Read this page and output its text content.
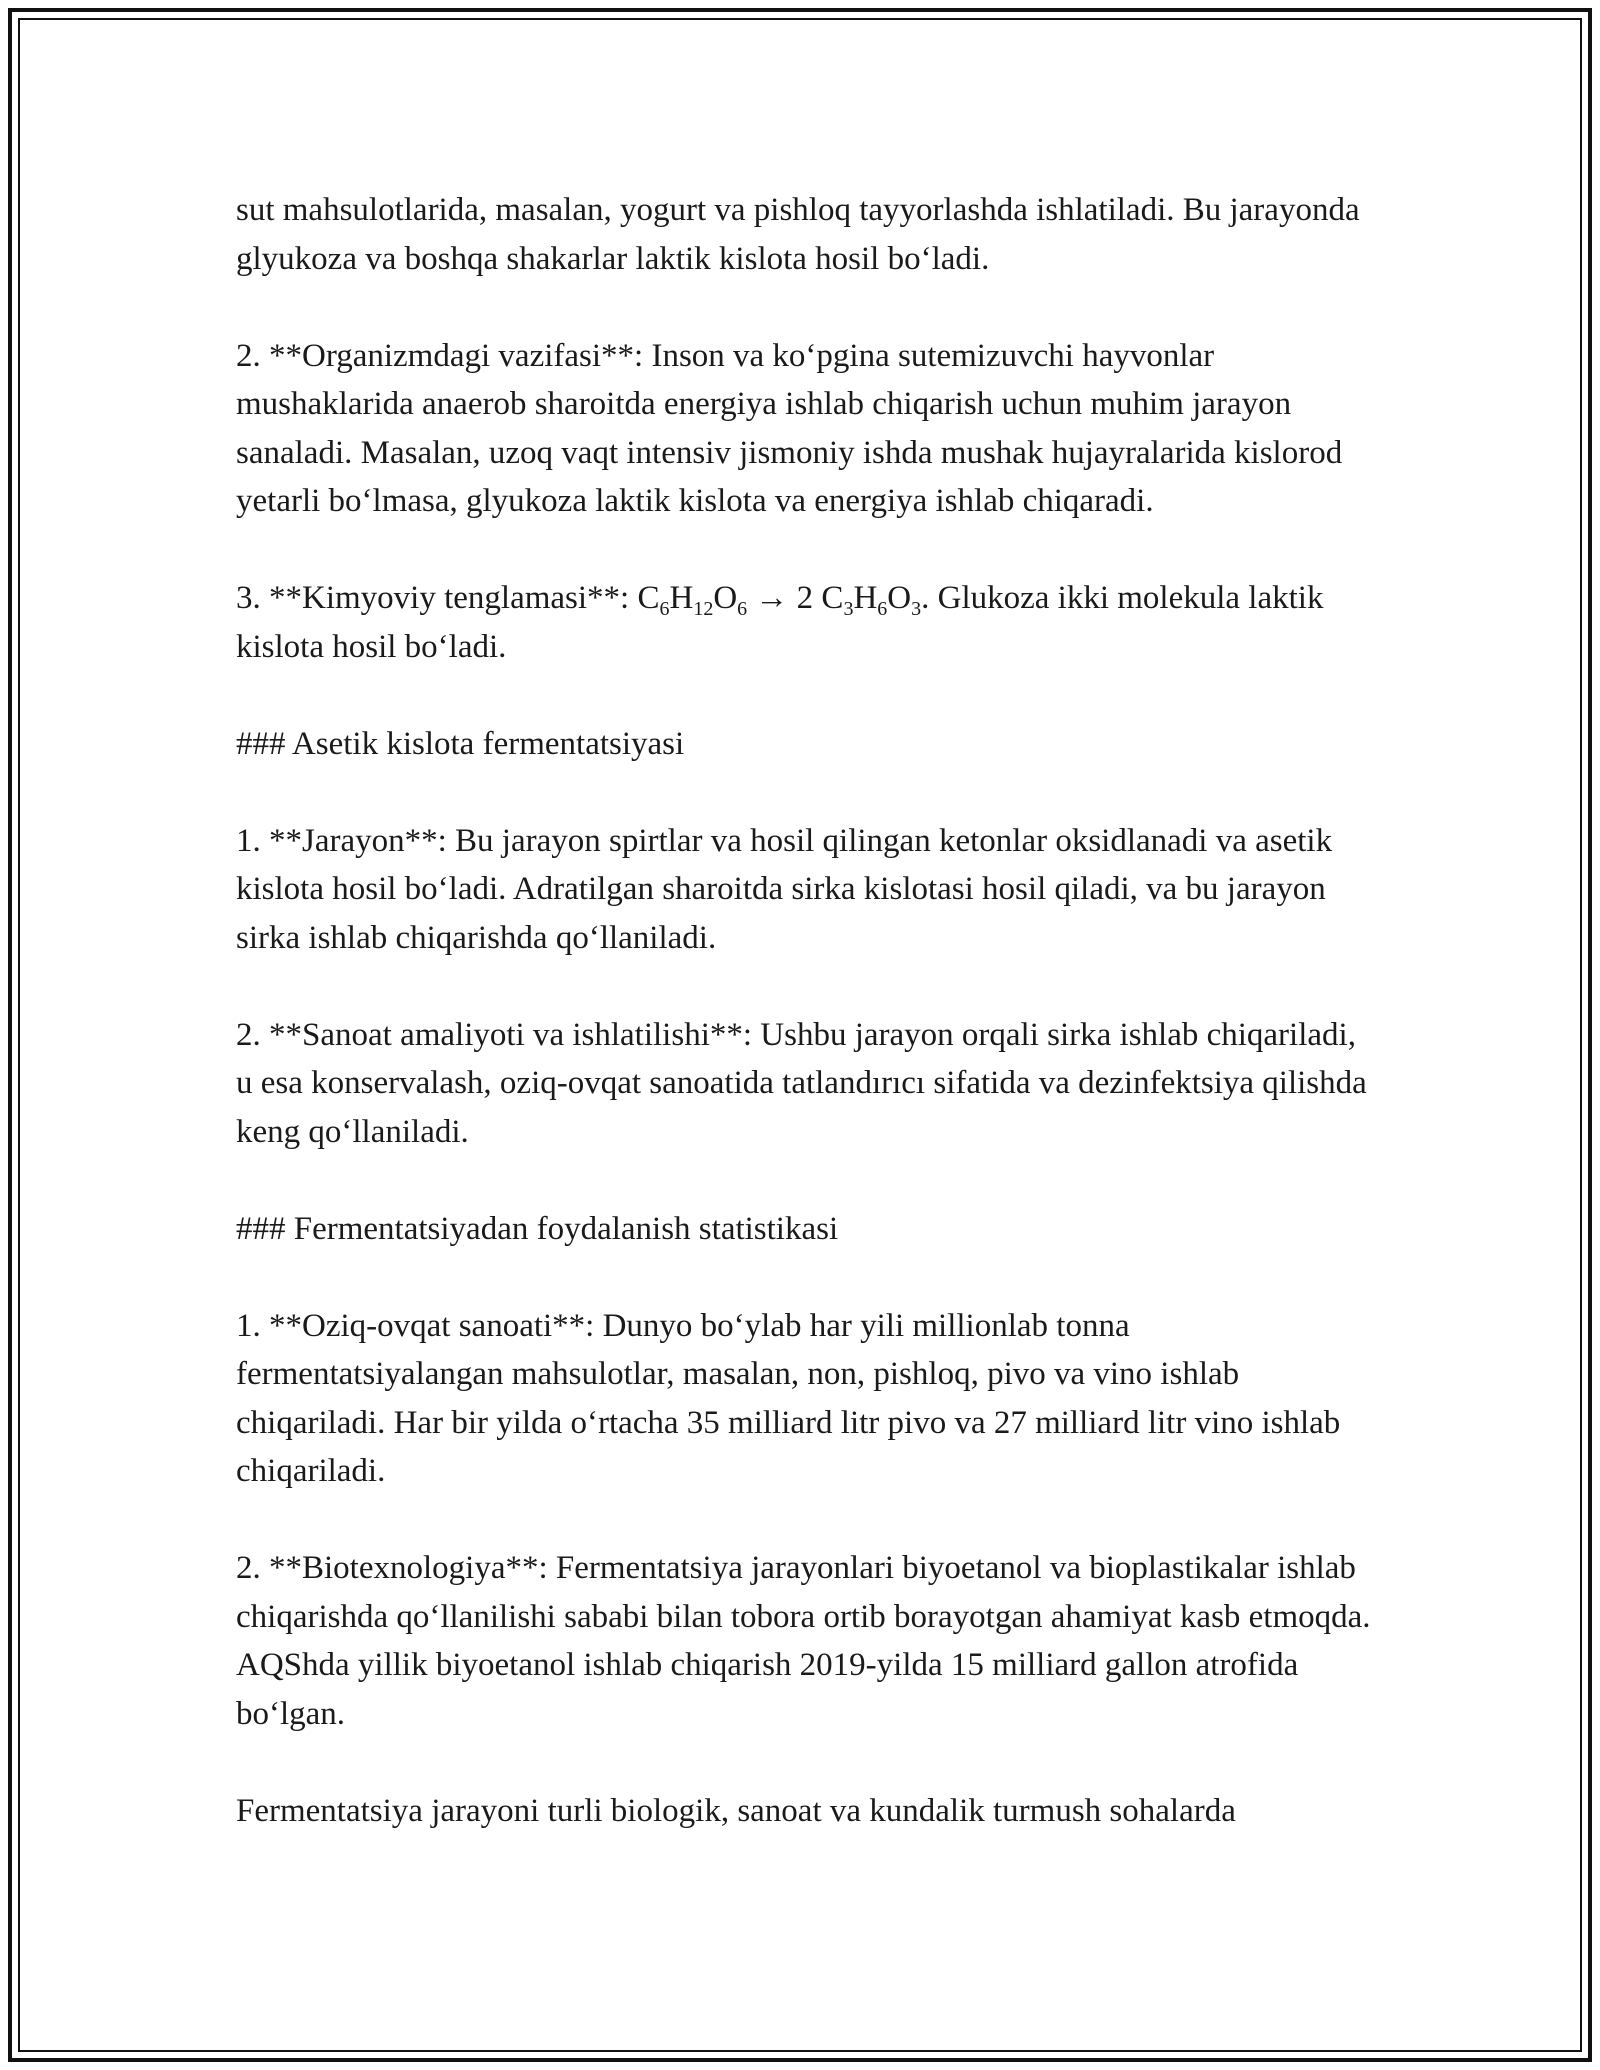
sut mahsulotlarida, masalan, yogurt va pishloq tayyorlashda ishlatiladi. Bu jarayonda glyukoza va boshqa shakarlar laktik kislota hosil bo‘ladi.

2. **Organizmdagi vazifasi**: Inson va ko‘pgina sutemizuvchi hayvonlar mushaklarida anaerob sharoitda energiya ishlab chiqarish uchun muhim jarayon sanaladi. Masalan, uzoq vaqt intensiv jismoniy ishda mushak hujayralarida kislorod yetarli bo‘lmasa, glyukoza laktik kislota va energiya ishlab chiqaradi.

3. **Kimyoviy tenglamasi**: $C_6H_{12}O_6 \to 2$ $C_3H_6O_3$. Glukoza ikki molekula laktik kislota hosil bo‘ladi.

### Asetik kislota fermentatsiyasi

1. **Jarayon**: Bu jarayon spirtlar va hosil qilingan ketonlar oksidlanadi va asetik kislota hosil bo‘ladi. Adratilgan sharoitda sirka kislotasi hosil qiladi, va bu jarayon sirka ishlab chiqarishda qo‘llaniladi.

2. **Sanoat amaliyoti va ishlatilishi**: Ushbu jarayon orqali sirka ishlab chiqariladi, u esa konservalash, oziq-ovqat sanoatida tatlandırıcı sifatida va dezinfektsiya qilishda keng qo‘llaniladi.

### Fermentatsiyadan foydalanish statistikasi

1. **Oziq-ovqat sanoati**: Dunyo bo‘ylab har yili millionlab tonna fermentatsiyalangan mahsulotlar, masalan, non, pishloq, pivo va vino ishlab chiqariladi. Har bir yilda o‘rtacha 35 milliard litr pivo va 27 milliard litr vino ishlab chiqariladi.

2. **Biotexnologiya**: Fermentatsiya jarayonlari biyoetanol va bioplastikalar ishlab chiqarishda qo‘llanilishi sababi bilan tobora ortib borayotgan ahamiyat kasb etmoqda. AQShda yillik biyoetanol ishlab chiqarish 2019-yilda 15 milliard gallon atrofida bo‘lgan.

Fermentatsiya jarayoni turli biologik, sanoat va kundalik turmush sohalarda
